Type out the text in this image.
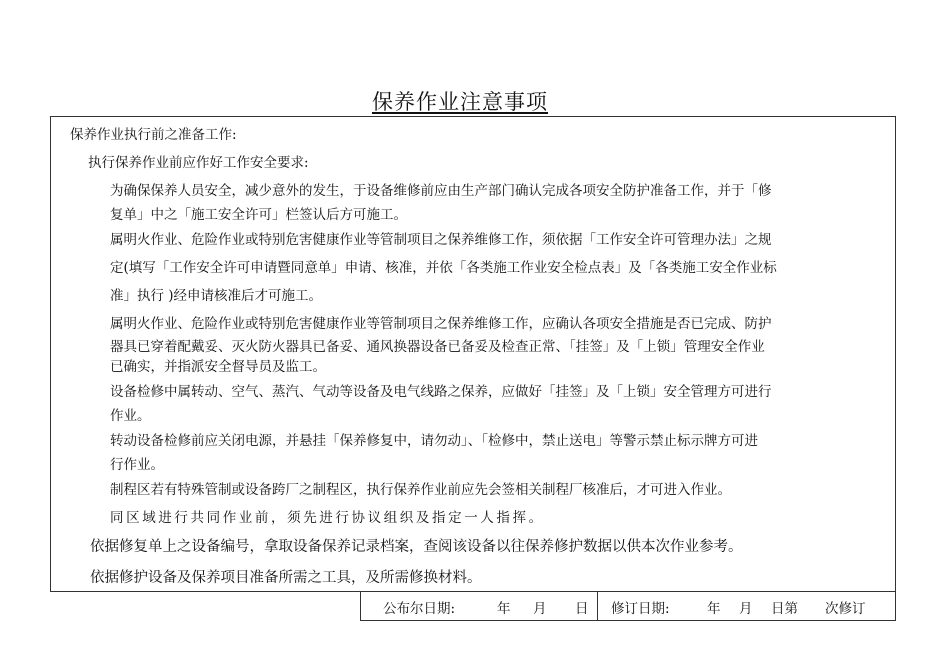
保养作业注意事项
保养作业执行前之准备工作:
执行保养作业前应作好工作安全要求:
为确保保养人员安全，减少意外的发生，于设备维修前应由生产部门确认完成各项安全防护准备工作，并于「修
复单」中之「施工安全许可」栏签认后方可施工。
属明火作业、危险作业或特别危害健康作业等管制项目之保养维修工作，须依据「工作安全许可管理办法」之规
定(填写「工作安全许可申请暨同意单」申请、核准，并依「各类施工作业安全检点表」及「各类施工安全作业标
准」执行 )经申请核准后才可施工。
属明火作业、危险作业或特别危害健康作业等管制项目之保养维修工作，应确认各项安全措施是否已完成、防护
器具已穿着配戴妥、灭火防火器具已备妥、通风换器设备已备妥及检查正常、「挂签」及「上锁」管理安全作业
已确实，并指派安全督导员及监工。
设备检修中属转动、空气、蒸汽、气动等设备及电气线路之保养，应做好「挂签」及「上锁」安全管理方可进行
作业。
转动设备检修前应关闭电源，并悬挂「保养修复中，请勿动」、「检修中，禁止送电」等警示禁止标示牌方可进
行作业。
制程区若有特殊管制或设备跨厂之制程区，执行保养作业前应先会签相关制程厂核准后，才可进入作业。
同区域进行共同作业前，须先进行协议组织及指定一人指挥。
依据修复单上之设备编号，拿取设备保养记录档案，查阅该设备以往保养修护数据以供本次作业参考。
依据修护设备及保养项目准备所需之工具，及所需修换材料。
公布尔日期:	年 月 日 修订日期:	年 月 日第 次修订
